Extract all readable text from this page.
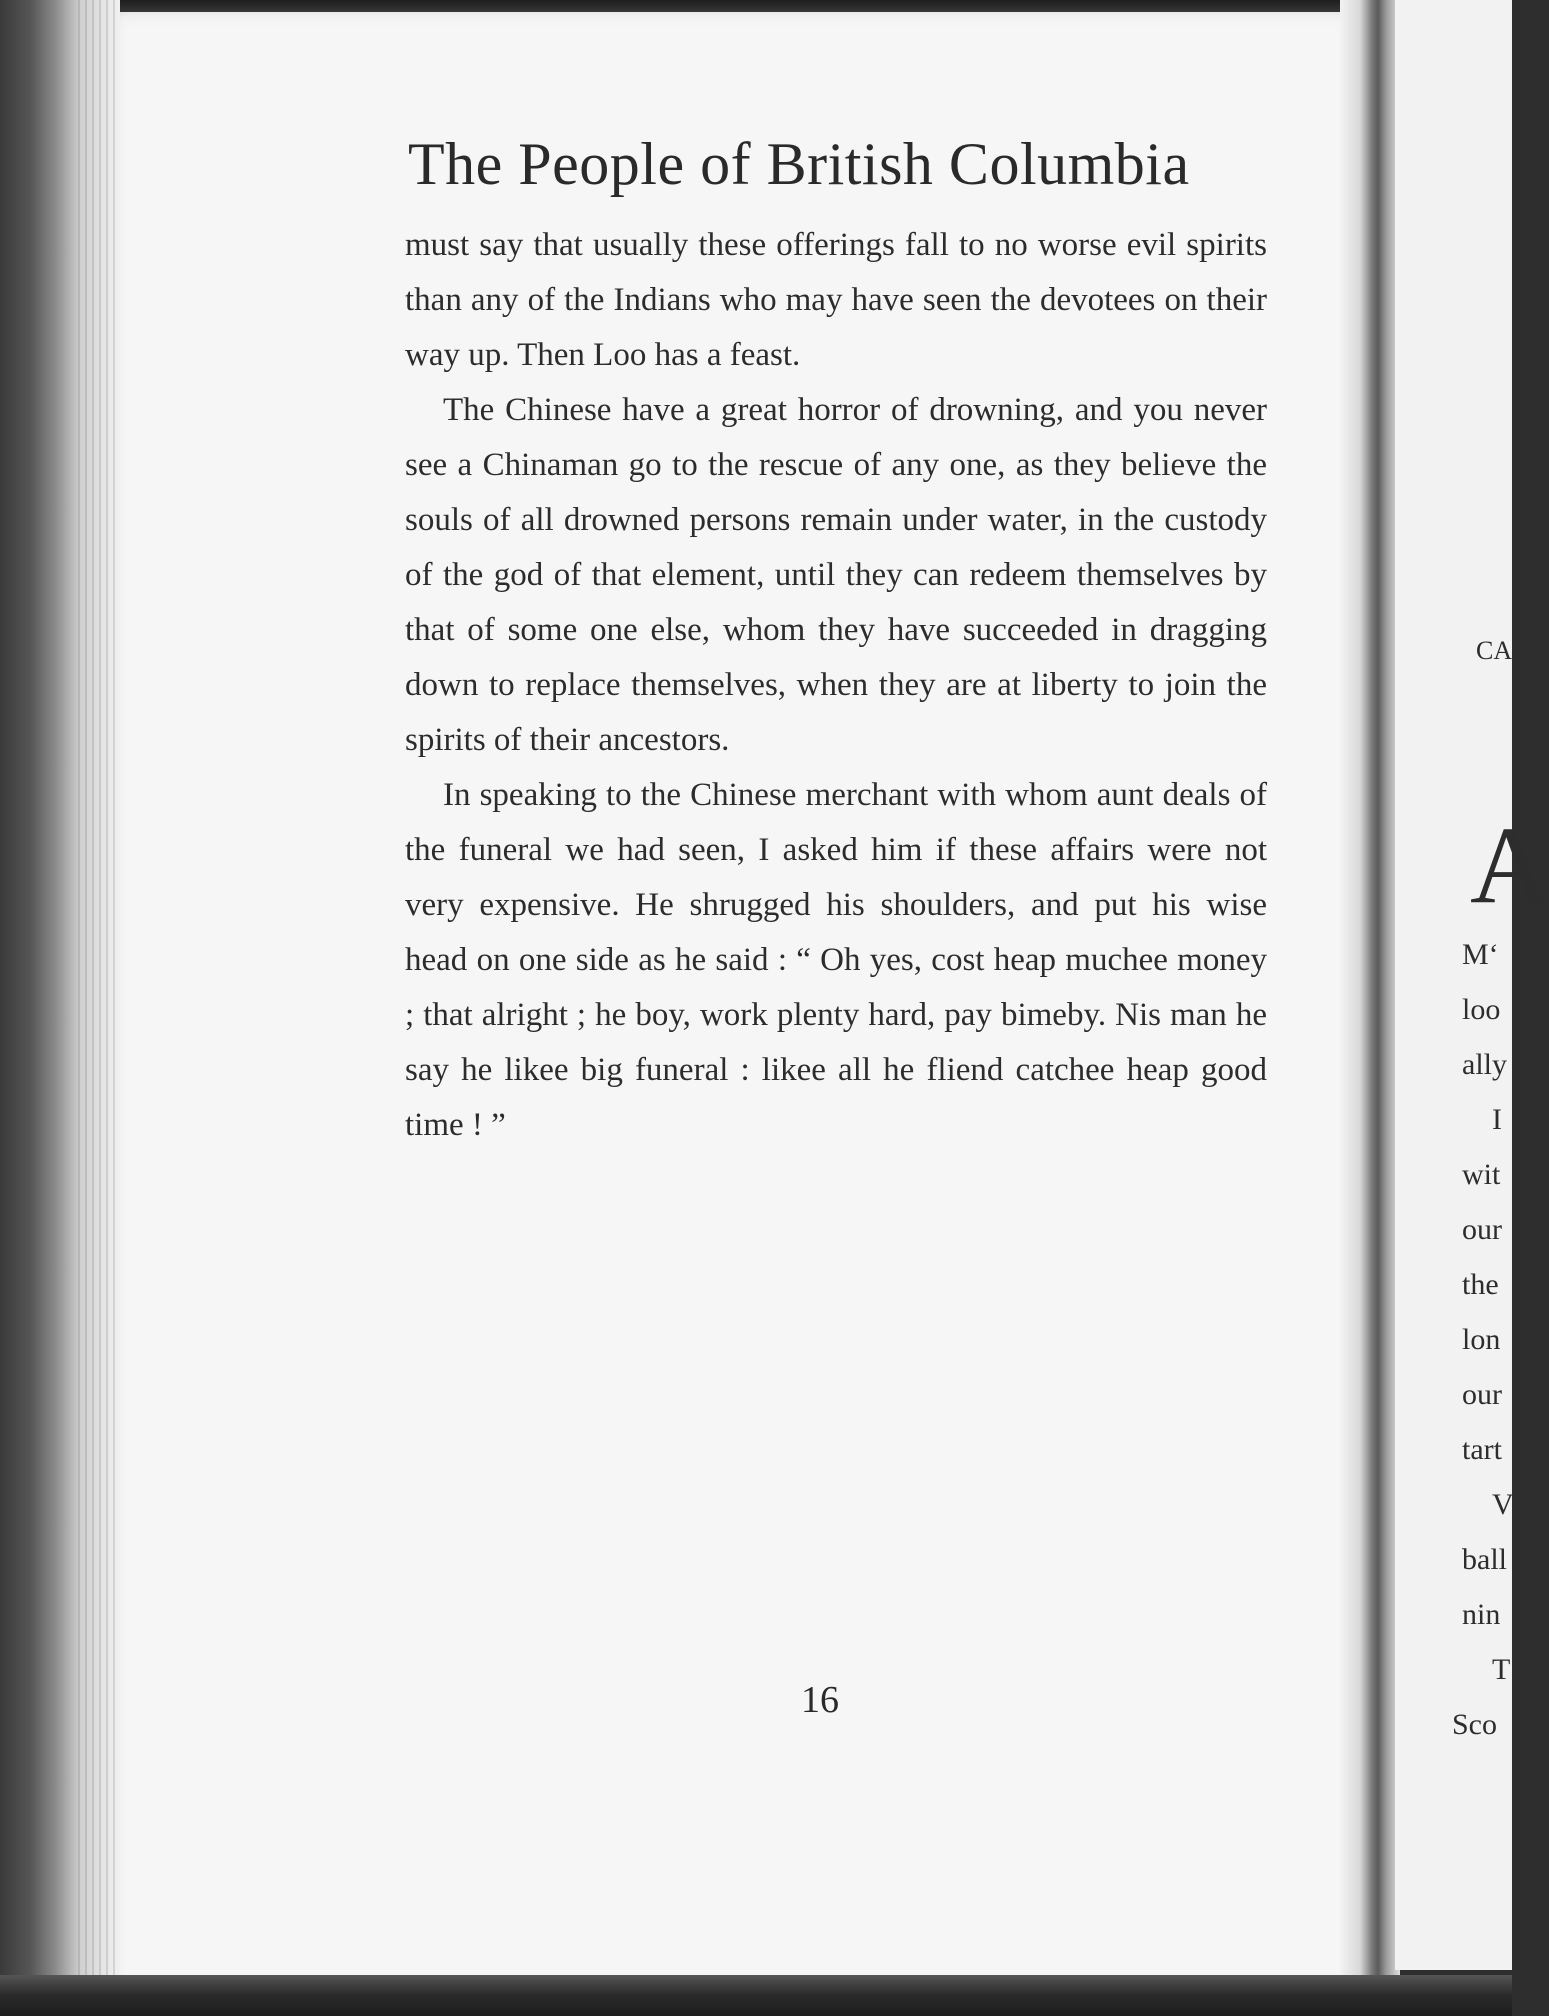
The People of British Columbia

must say that usually these offerings fall to no worse evil spirits than any of the Indians who may have seen the devotees on their way up. Then Loo has a feast.

The Chinese have a great horror of drowning, and you never see a Chinaman go to the rescue of any one, as they believe the souls of all drowned persons remain under water, in the custody of the god of that element, until they can redeem themselves by that of some one else, whom they have succeeded in dragging down to replace themselves, when they are at liberty to join the spirits of their ancestors.

In speaking to the Chinese merchant with whom aunt deals of the funeral we had seen, I asked him if these affairs were not very expensive. He shrugged his shoulders, and put his wise head on one side as he said : “ Oh yes, cost heap muchee money ; that alright ; he boy, work plenty hard, pay bimeby. Nis man he say he likee big funeral : likee all he fliend catchee heap good time ! ”

16
CA
A
M‘
loo
ally
I
wit
our
the
lon
our
tart
V
ball
nin
T
Sco
